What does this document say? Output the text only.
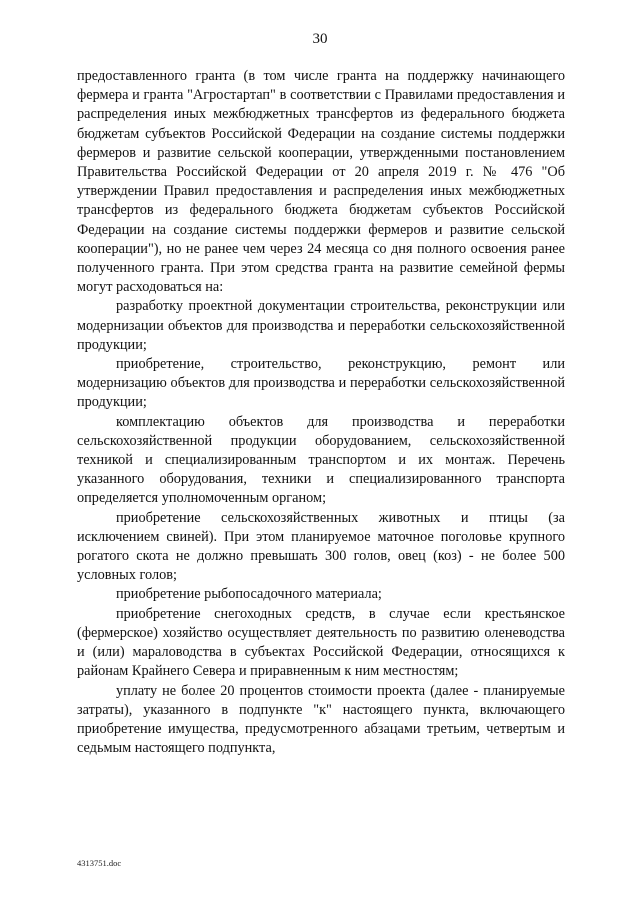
30

предоставленного гранта (в том числе гранта на поддержку начинающего фермера и гранта "Агростартап" в соответствии с Правилами предоставления и распределения иных межбюджетных трансфертов из федерального бюджета бюджетам субъектов Российской Федерации на создание системы поддержки фермеров и развитие сельской кооперации, утвержденными постановлением Правительства Российской Федерации от 20 апреля 2019 г. № 476 "Об утверждении Правил предоставления и распределения иных межбюджетных трансфертов из федерального бюджета бюджетам субъектов Российской Федерации на создание системы поддержки фермеров и развитие сельской кооперации"), но не ранее чем через 24 месяца со дня полного освоения ранее полученного гранта. При этом средства гранта на развитие семейной фермы могут расходоваться на:

разработку проектной документации строительства, реконструкции или модернизации объектов для производства и переработки сельскохозяйственной продукции;

приобретение, строительство, реконструкцию, ремонт или модернизацию объектов для производства и переработки сельскохозяйственной продукции;

комплектацию объектов для производства и переработки сельскохозяйственной продукции оборудованием, сельскохозяйственной техникой и специализированным транспортом и их монтаж. Перечень указанного оборудования, техники и специализированного транспорта определяется уполномоченным органом;

приобретение сельскохозяйственных животных и птицы (за исключением свиней). При этом планируемое маточное поголовье крупного рогатого скота не должно превышать 300 голов, овец (коз) - не более 500 условных голов;

приобретение рыбопосадочного материала;

приобретение снегоходных средств, в случае если крестьянское (фермерское) хозяйство осуществляет деятельность по развитию оленеводства и (или) мараловодства в субъектах Российской Федерации, относящихся к районам Крайнего Севера и приравненным к ним местностям;

уплату не более 20 процентов стоимости проекта (далее - планируемые затраты), указанного в подпункте "к" настоящего пункта, включающего приобретение имущества, предусмотренного абзацами третьим, четвертым и седьмым настоящего подпункта,

4313751.doc
